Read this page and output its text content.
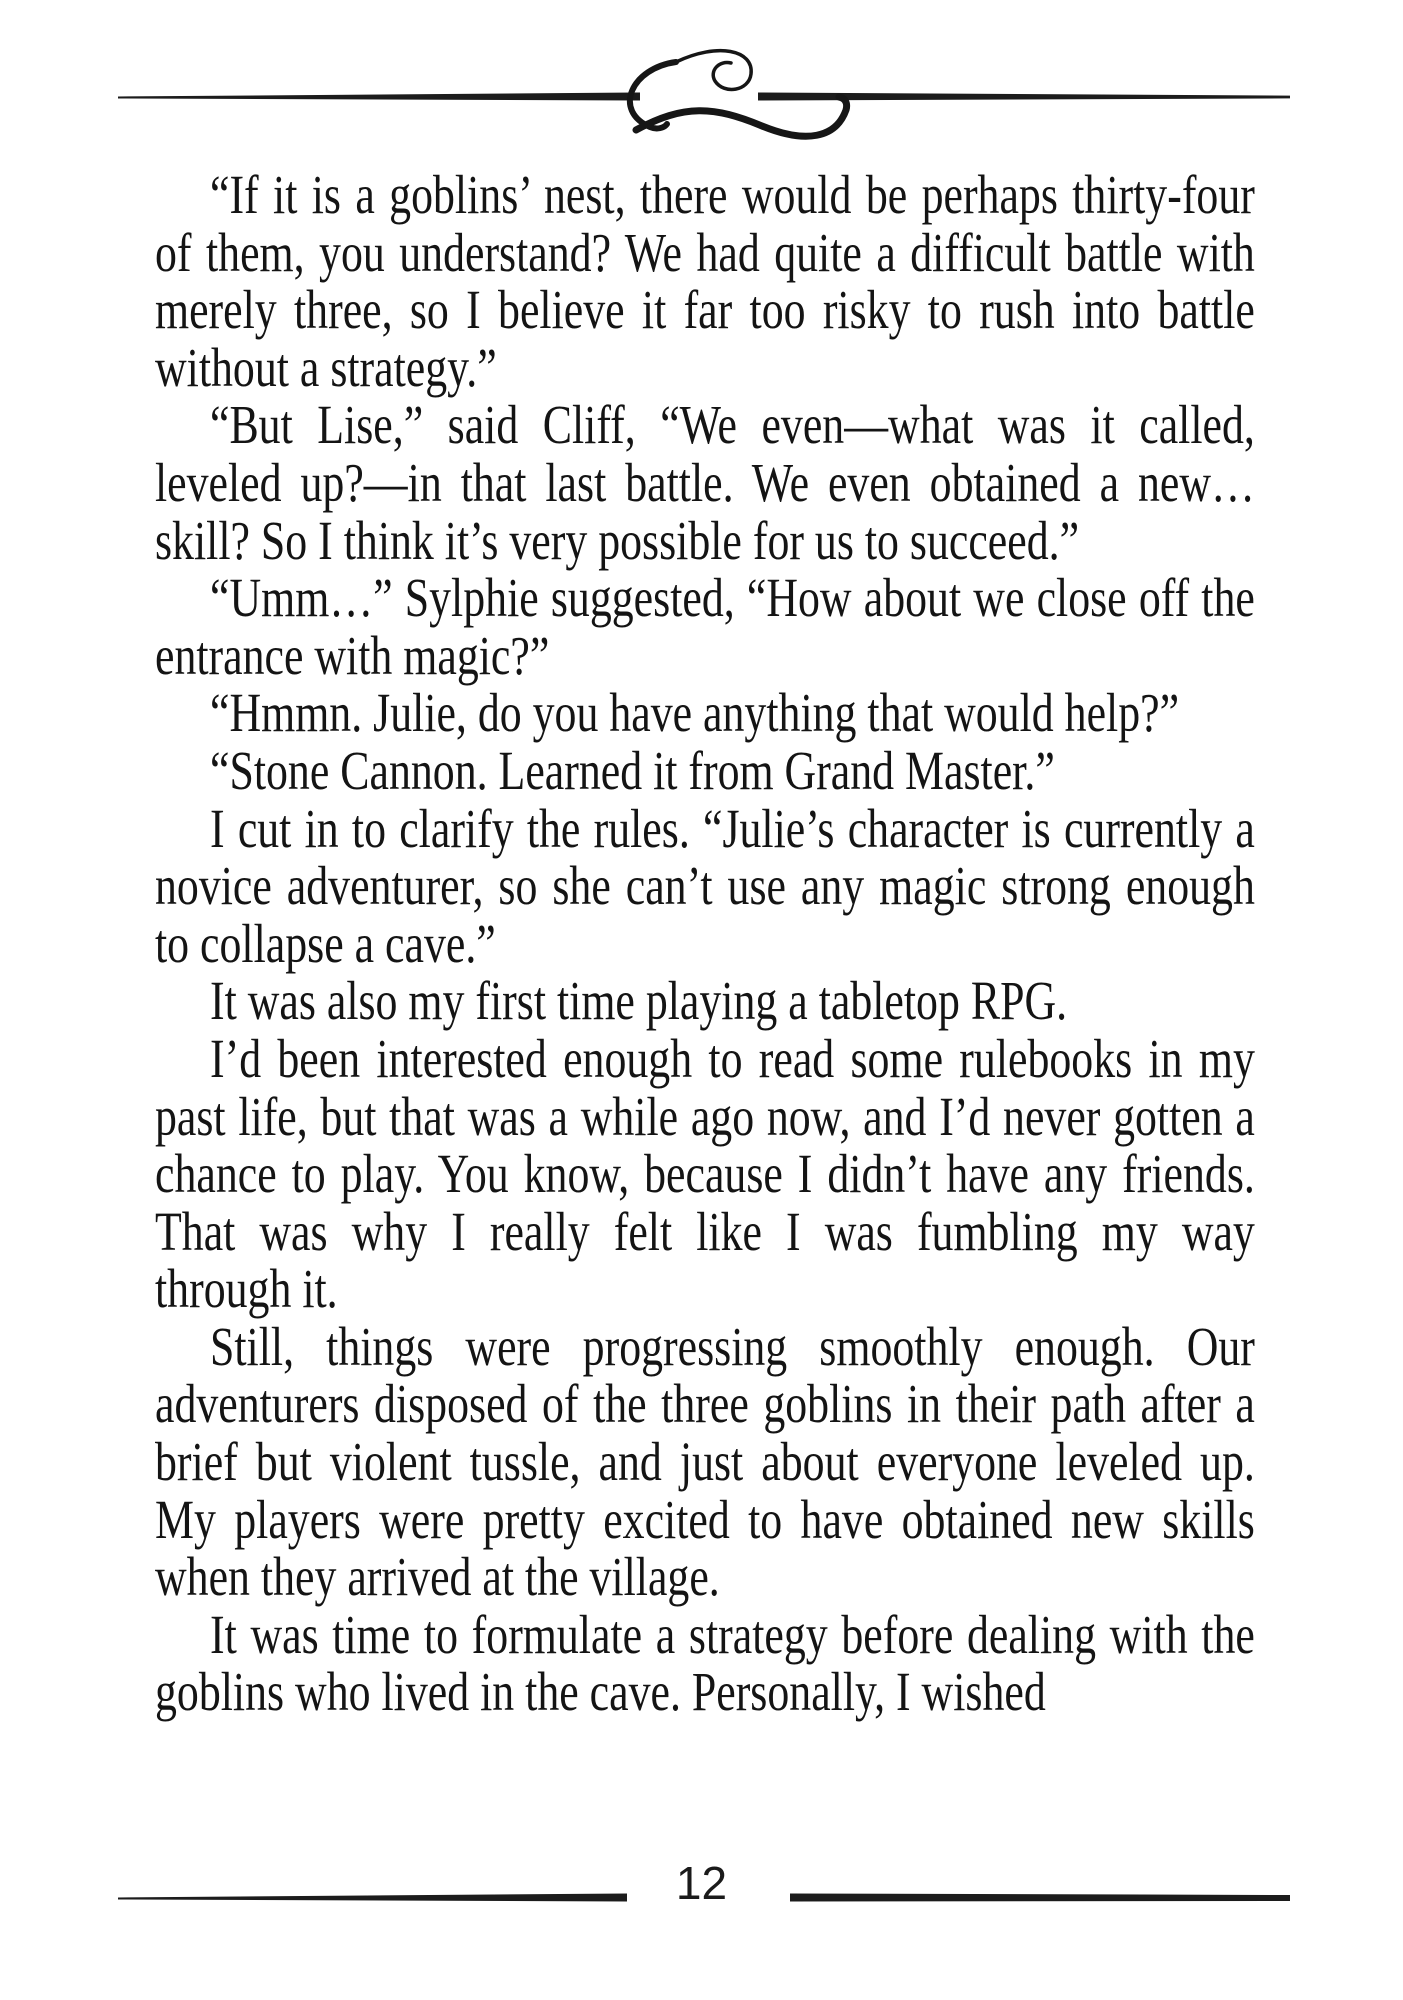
“If it is a goblins’ nest, there would be perhaps thirty-four of them, you understand? We had quite a difficult battle with merely three, so I believe it far too risky to rush into battle without a strategy.”

“But Lise,” said Cliff, “We even—what was it called, leveled up?—in that last battle. We even obtained a new… skill? So I think it’s very possible for us to succeed.”

“Umm…” Sylphie suggested, “How about we close off the entrance with magic?”

“Hmmn. Julie, do you have anything that would help?”

“Stone Cannon. Learned it from Grand Master.”

I cut in to clarify the rules. “Julie’s character is currently a novice adventurer, so she can’t use any magic strong enough to collapse a cave.”

It was also my first time playing a tabletop RPG.

I’d been interested enough to read some rulebooks in my past life, but that was a while ago now, and I’d never gotten a chance to play. You know, because I didn’t have any friends. That was why I really felt like I was fumbling my way through it.

Still, things were progressing smoothly enough. Our adventurers disposed of the three goblins in their path after a brief but violent tussle, and just about everyone leveled up. My players were pretty excited to have obtained new skills when they arrived at the village.

It was time to formulate a strategy before dealing with the goblins who lived in the cave. Personally, I wished

12
